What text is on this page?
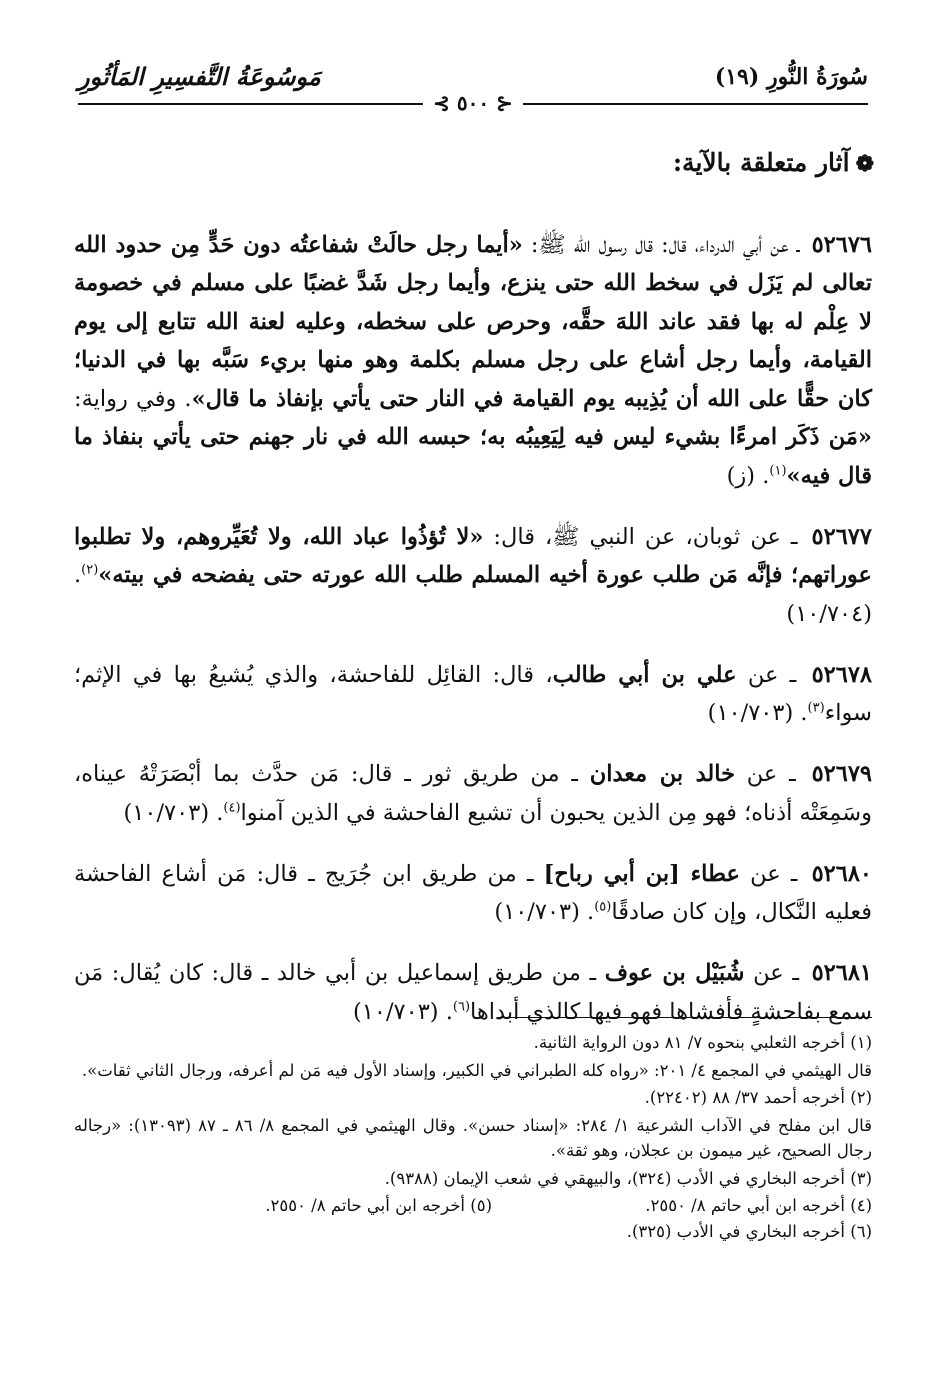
سُورَةُ النُّورِ (١٩)
مَوسُوعَةُ التَّفسِيرِ المَأثُورِ
⊰ ٥٠٠ ⊱
❁آثار متعلقة بالآية:

٥٢٦٧٦ ـ عن أبي الدرداء، قال: قال رسول الله ﷺ: «أيما رجل حالَتْ شفاعتُه دون حَدٍّ مِن حدود الله تعالى لم يَزَل في سخط الله حتى ينزع، وأيما رجل شَدَّ غضبًا على مسلم في خصومة لا عِلْم له بها فقد عاند اللهَ حقَّه، وحرص على سخطه، وعليه لعنة الله تتابع إلى يوم القيامة، وأيما رجل أشاع على رجل مسلم بكلمة وهو منها بريء سَبَّه بها في الدنيا؛ كان حقًّا على الله أن يُذِيبه يوم القيامة في النار حتى يأتي بإنفاذ ما قال». وفي رواية: «مَن ذَكَر امرءًا بشيء ليس فيه لِيَعِيبُه به؛ حبسه الله في نار جهنم حتى يأتي بنفاذ ما قال فيه»$^{(١)}$. (ز)

٥٢٦٧٧ ـ عن ثوبان، عن النبي ﷺ، قال: «لا تُؤذُوا عباد الله، ولا تُعَيِّروهم، ولا تطلبوا عوراتهم؛ فإنَّه مَن طلب عورة أخيه المسلم طلب الله عورته حتى يفضحه في بيته»$^{(٢)}$. (١٠/٧٠٤)

٥٢٦٧٨ ـ عن علي بن أبي طالب، قال: القائِل للفاحشة، والذي يُشيعُ بها في الإثم؛ سواء$^{(٣)}$. (١٠/٧٠٣)

٥٢٦٧٩ ـ عن خالد بن معدان ـ من طريق ثور ـ قال: مَن حدَّث بما أبْصَرَتْهُ عيناه، وسَمِعَتْه أذناه؛ فهو مِن الذين يحبون أن تشيع الفاحشة في الذين آمنوا$^{(٤)}$. (١٠/٧٠٣)

٥٢٦٨٠ ـ عن عطاء [بن أبي رباح] ـ من طريق ابن جُرَيج ـ قال: مَن أشاع الفاحشة فعليه النَّكال، وإن كان صادقًا$^{(٥)}$. (١٠/٧٠٣)

٥٢٦٨١ ـ عن شُبَيْل بن عوف ـ من طريق إسماعيل بن أبي خالد ـ قال: كان يُقال: مَن سمع بفاحشةٍ فأفشاها فهو فيها كالذي أبداها$^{(٦)}$. (١٠/٧٠٣)

(١) أخرجه الثعلبي بنحوه ٧/ ٨١ دون الرواية الثانية.

قال الهيثمي في المجمع ٤/ ٢٠١: «رواه كله الطبراني في الكبير، وإسناد الأول فيه مَن لم أعرفه، ورجال الثاني ثقات».

(٢) أخرجه أحمد ٣٧/ ٨٨ (٢٢٤٠٢).

قال ابن مفلح في الآداب الشرعية ١/ ٢٨٤: «إسناد حسن». وقال الهيثمي في المجمع ٨/ ٨٦ ـ ٨٧ (١٣٠٩٣): «رجاله رجال الصحيح، غير ميمون بن عجلان، وهو ثقة».

(٣) أخرجه البخاري في الأدب (٣٢٤)، والبيهقي في شعب الإيمان (٩٣٨٨).

(٤) أخرجه ابن أبي حاتم ٨/ ٢٥٥٠.

(٥) أخرجه ابن أبي حاتم ٨/ ٢٥٥٠.

(٦) أخرجه البخاري في الأدب (٣٢٥).
